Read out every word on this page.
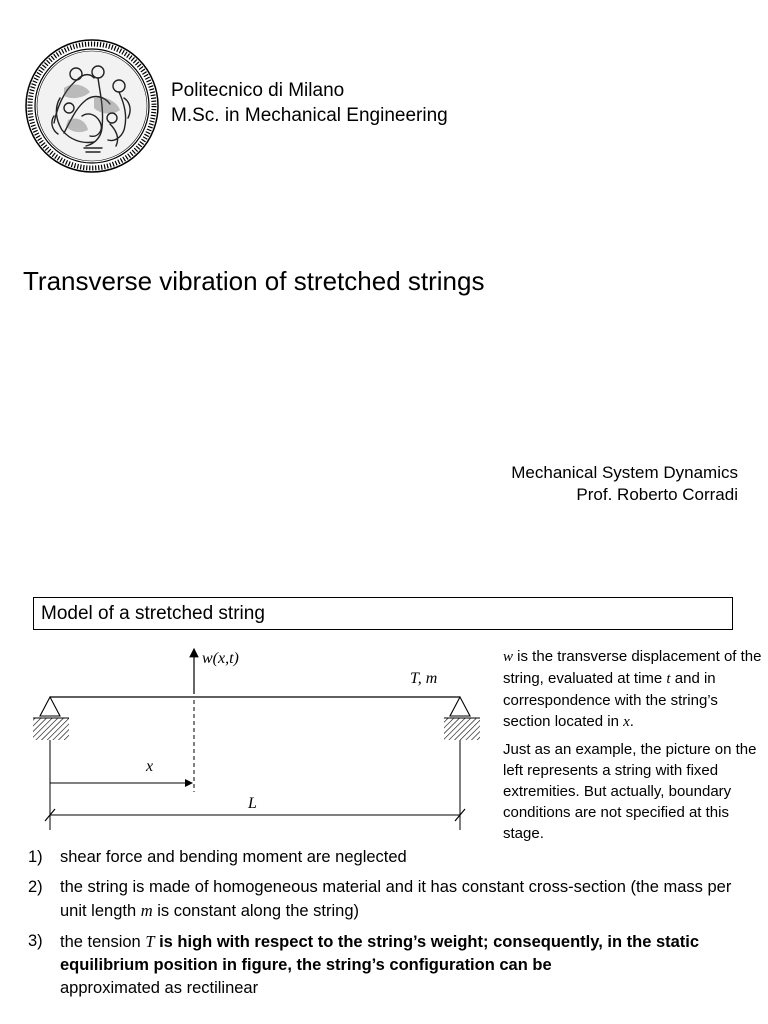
Politecnico di Milano
M.Sc. in Mechanical Engineering
Transverse vibration of stretched strings
Mechanical System Dynamics
Prof. Roberto Corradi
Model of a stretched string
w(x,t)
T, m
x
L

w is the transverse displacement of the string, evaluated at time t and in correspondence with the string’s section located in x.

Just as an example, the picture on the left represents a string with fixed extremities. But actually, boundary conditions are not specified at this stage.

1)	shear force and bending moment are neglected
2)	the string is made of homogeneous material and it has constant cross-section (the mass per unit length m is constant along the string)
3)	the tension T is high with respect to the string’s weight; consequently, in the static equilibrium position in figure, the string’s configuration can be
approximated as rectilinear
